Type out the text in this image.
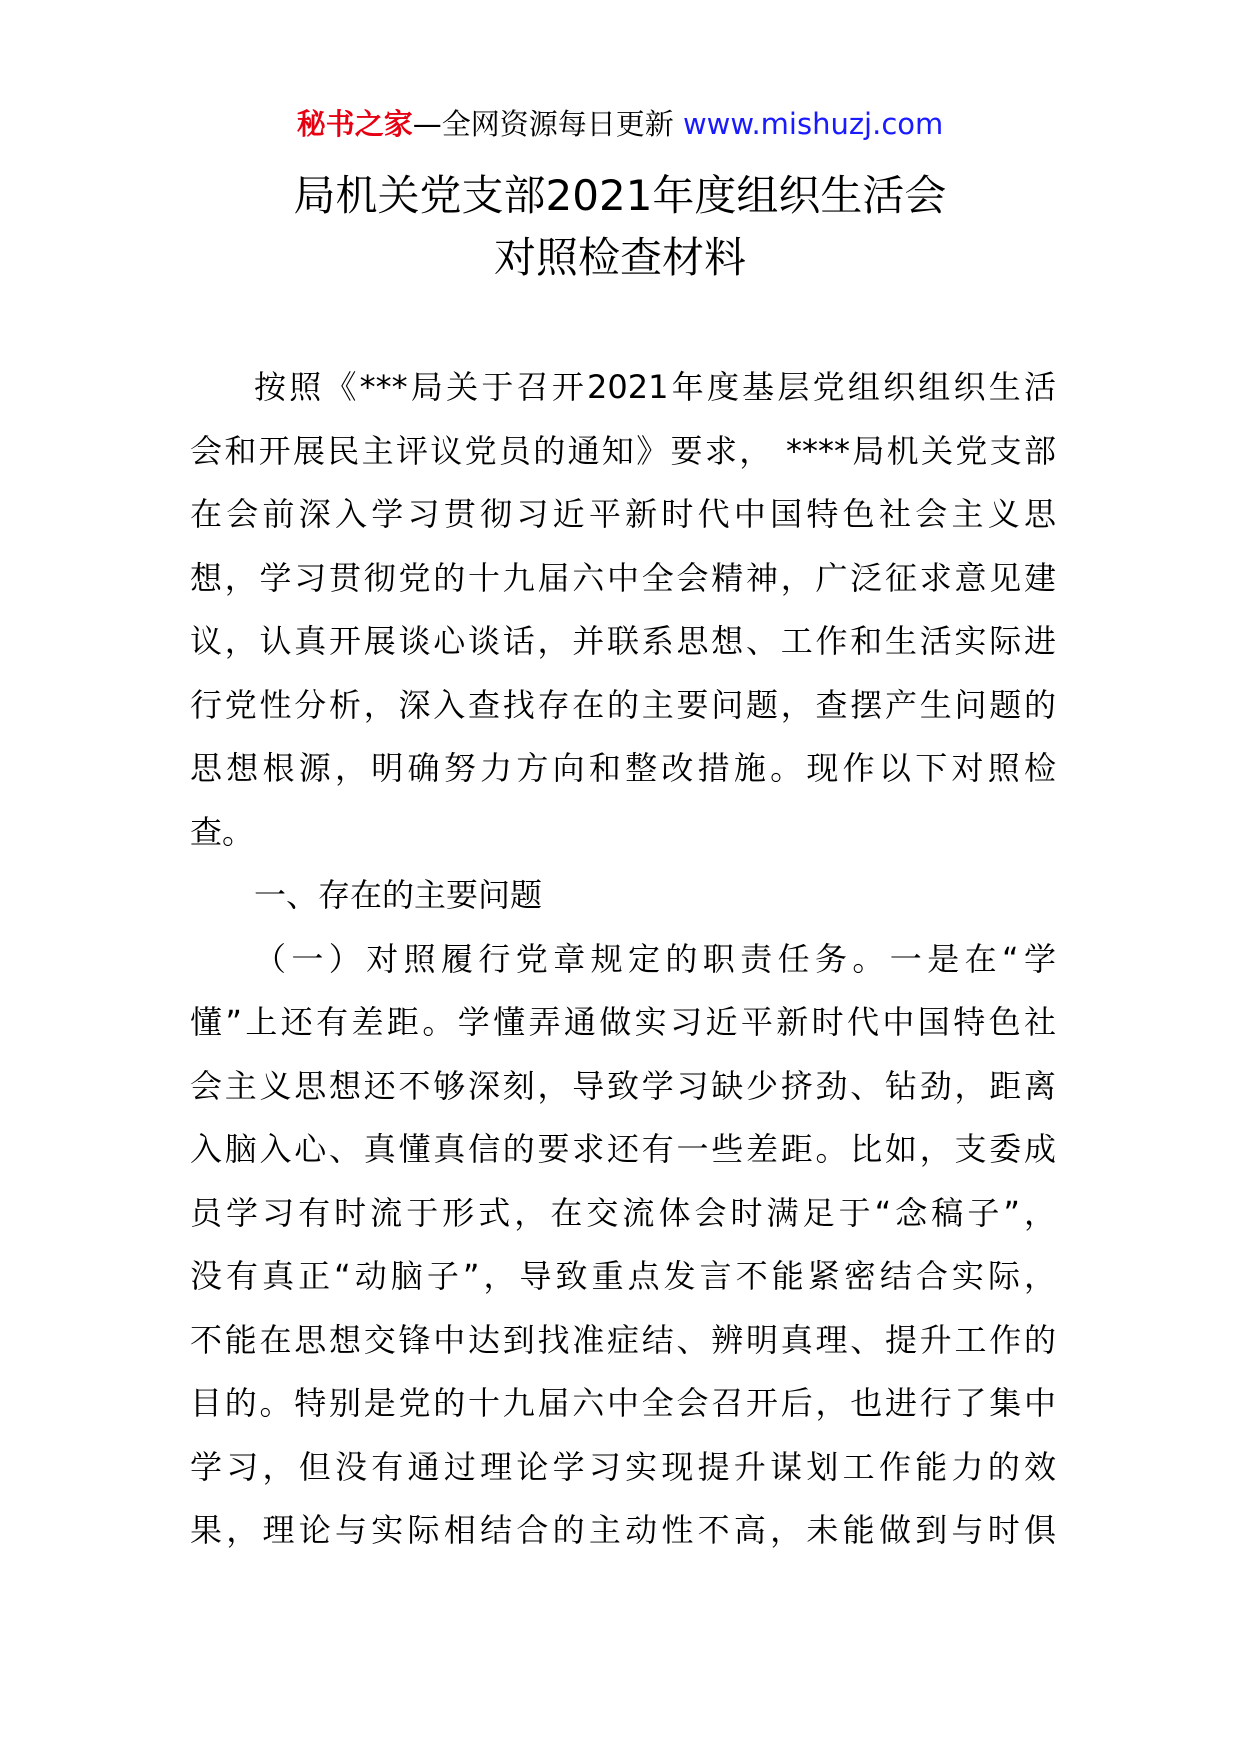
秘书之家—全网资源每日更新 www.mishuzj.com
局机关党支部2021年度组织生活会
对照检查材料
按照《***局关于召开2021年度基层党组织组织生活
会和开展民主评议党员的通知》要求， ****局机关党支部
在会前深入学习贯彻习近平新时代中国特色社会主义思
想，学习贯彻党的十九届六中全会精神，广泛征求意见建
议，认真开展谈心谈话，并联系思想、工作和生活实际进
行党性分析，深入查找存在的主要问题，查摆产生问题的
思想根源，明确努力方向和整改措施。现作以下对照检
查。
一、存在的主要问题
（一）对照履行党章规定的职责任务。一是在“学
懂”上还有差距。学懂弄通做实习近平新时代中国特色社
会主义思想还不够深刻，导致学习缺少挤劲、钻劲，距离
入脑入心、真懂真信的要求还有一些差距。比如，支委成
员学习有时流于形式，在交流体会时满足于“念稿子”，
没有真正“动脑子”，导致重点发言不能紧密结合实际，
不能在思想交锋中达到找准症结、辨明真理、提升工作的
目的。特别是党的十九届六中全会召开后，也进行了集中
学习，但没有通过理论学习实现提升谋划工作能力的效
果，理论与实际相结合的主动性不高，未能做到与时俱
